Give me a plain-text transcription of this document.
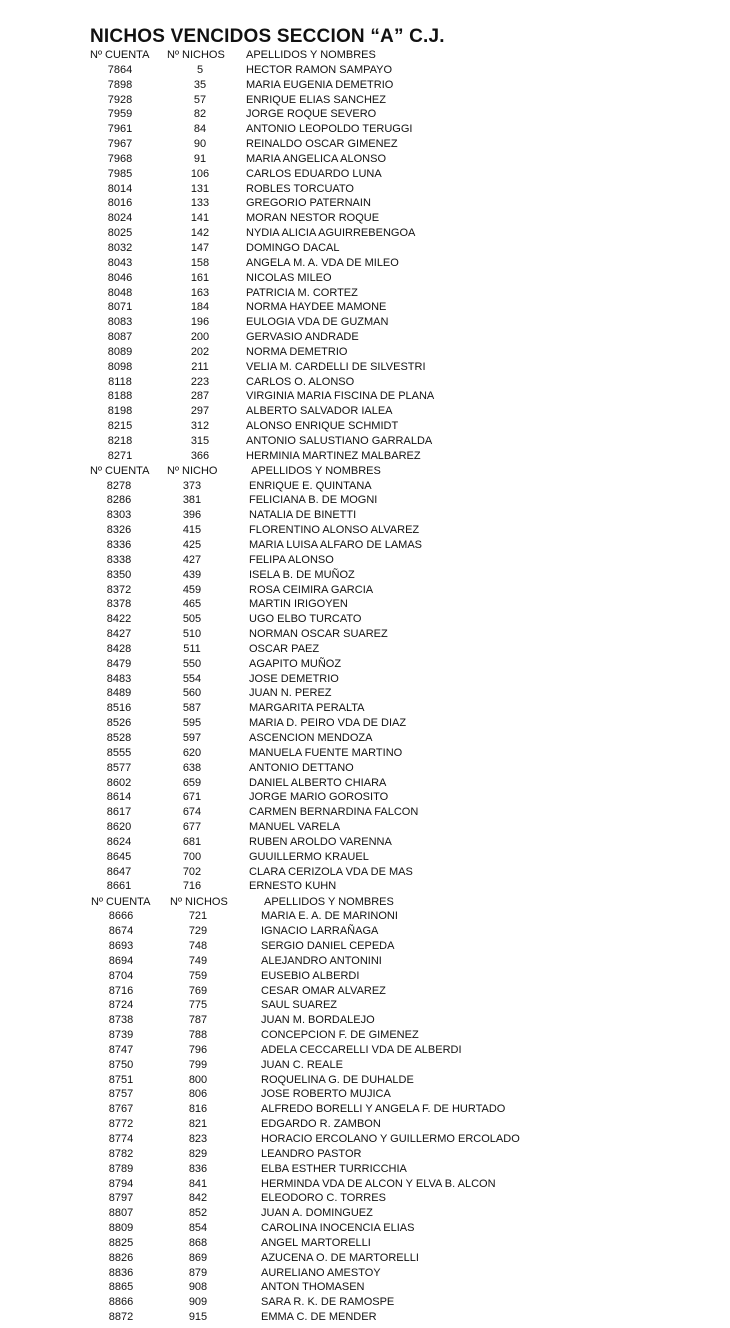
NICHOS VENCIDOS SECCION “A” C.J.
Nº CUENTA Nº NICHOS APELLIDOS Y NOMBRES
7864	5	HECTOR RAMON SAMPAYO
7898	35	MARIA EUGENIA DEMETRIO
7928	57	ENRIQUE ELIAS SANCHEZ
7959	82	JORGE ROQUE SEVERO
7961	84	ANTONIO LEOPOLDO TERUGGI
7967	90	REINALDO OSCAR GIMENEZ
7968	91	MARIA ANGELICA ALONSO
7985	106	CARLOS EDUARDO LUNA
8014	131	ROBLES TORCUATO
8016	133	GREGORIO PATERNAIN
8024	141	MORAN NESTOR ROQUE
8025	142	NYDIA ALICIA AGUIRREBENGOA
8032	147	DOMINGO DACAL
8043	158	ANGELA M. A. VDA DE MILEO
8046	161	NICOLAS MILEO
8048	163	PATRICIA M. CORTEZ
8071	184	NORMA HAYDEE MAMONE
8083	196	EULOGIA VDA DE GUZMAN
8087	200	GERVASIO ANDRADE
8089	202	NORMA DEMETRIO
8098	211	VELIA M. CARDELLI DE SILVESTRI
8118	223	CARLOS O. ALONSO
8188	287	VIRGINIA MARIA FISCINA DE PLANA
8198	297	ALBERTO SALVADOR IALEA
8215	312	ALONSO ENRIQUE SCHMIDT
8218	315	ANTONIO SALUSTIANO GARRALDA
8271	366	HERMINIA MARTINEZ MALBAREZ
Nº CUENTA Nº NICHO	APELLIDOS Y NOMBRES
8278	373	ENRIQUE E. QUINTANA
8286	381	FELICIANA B. DE MOGNI
8303	396	NATALIA DE BINETTI
8326	415	FLORENTINO ALONSO ALVAREZ
8336	425	MARIA LUISA ALFARO DE LAMAS
8338	427	FELIPA ALONSO
8350	439	ISELA B. DE MUÑOZ
8372	459	ROSA CEIMIRA GARCIA
8378	465	MARTIN IRIGOYEN
8422	505	UGO ELBO TURCATO
8427	510	NORMAN OSCAR SUAREZ
8428	511	OSCAR PAEZ
8479	550	AGAPITO MUÑOZ
8483	554	JOSE DEMETRIO
8489	560	JUAN N. PEREZ
8516	587	MARGARITA PERALTA
8526	595	MARIA D. PEIRO VDA DE DIAZ
8528	597	ASCENCION MENDOZA
8555	620	MANUELA FUENTE MARTINO
8577	638	ANTONIO DETTANO
8602	659	DANIEL ALBERTO CHIARA
8614	671	JORGE MARIO GOROSITO
8617	674	CARMEN BERNARDINA FALCON
8620	677	MANUEL VARELA
8624	681	RUBEN AROLDO VARENNA
8645	700	GUUILLERMO KRAUEL
8647	702	CLARA CERIZOLA VDA DE MAS
8661	716	ERNESTO KUHN
Nº CUENTA Nº NICHOS	APELLIDOS Y NOMBRES
8666	721	MARIA E. A. DE MARINONI
8674	729	IGNACIO LARRAÑAGA
8693	748	SERGIO DANIEL CEPEDA
8694	749	ALEJANDRO ANTONINI
8704	759	EUSEBIO ALBERDI
8716	769	CESAR OMAR ALVAREZ
8724	775	SAUL SUAREZ
8738	787	JUAN M. BORDALEJO
8739	788	CONCEPCION F. DE GIMENEZ
8747	796	ADELA CECCARELLI VDA DE ALBERDI
8750	799	JUAN C. REALE
8751	800	ROQUELINA G. DE DUHALDE
8757	806	JOSE ROBERTO MUJICA
8767	816	ALFREDO BORELLI Y ANGELA F. DE HURTADO
8772	821	EDGARDO R. ZAMBON
8774	823	HORACIO ERCOLANO Y GUILLERMO ERCOLADO
8782	829	LEANDRO PASTOR
8789	836	ELBA ESTHER TURRICCHIA
8794	841	HERMINDA VDA DE ALCON Y ELVA B. ALCON
8797	842	ELEODORO C. TORRES
8807	852	JUAN A. DOMINGUEZ
8809	854	CAROLINA INOCENCIA ELIAS
8825	868	ANGEL MARTORELLI
8826	869	AZUCENA O. DE MARTORELLI
8836	879	AURELIANO AMESTOY
8865	908	ANTON THOMASEN
8866	909	SARA R. K. DE RAMOSPE
8872	915	EMMA C. DE MENDER
